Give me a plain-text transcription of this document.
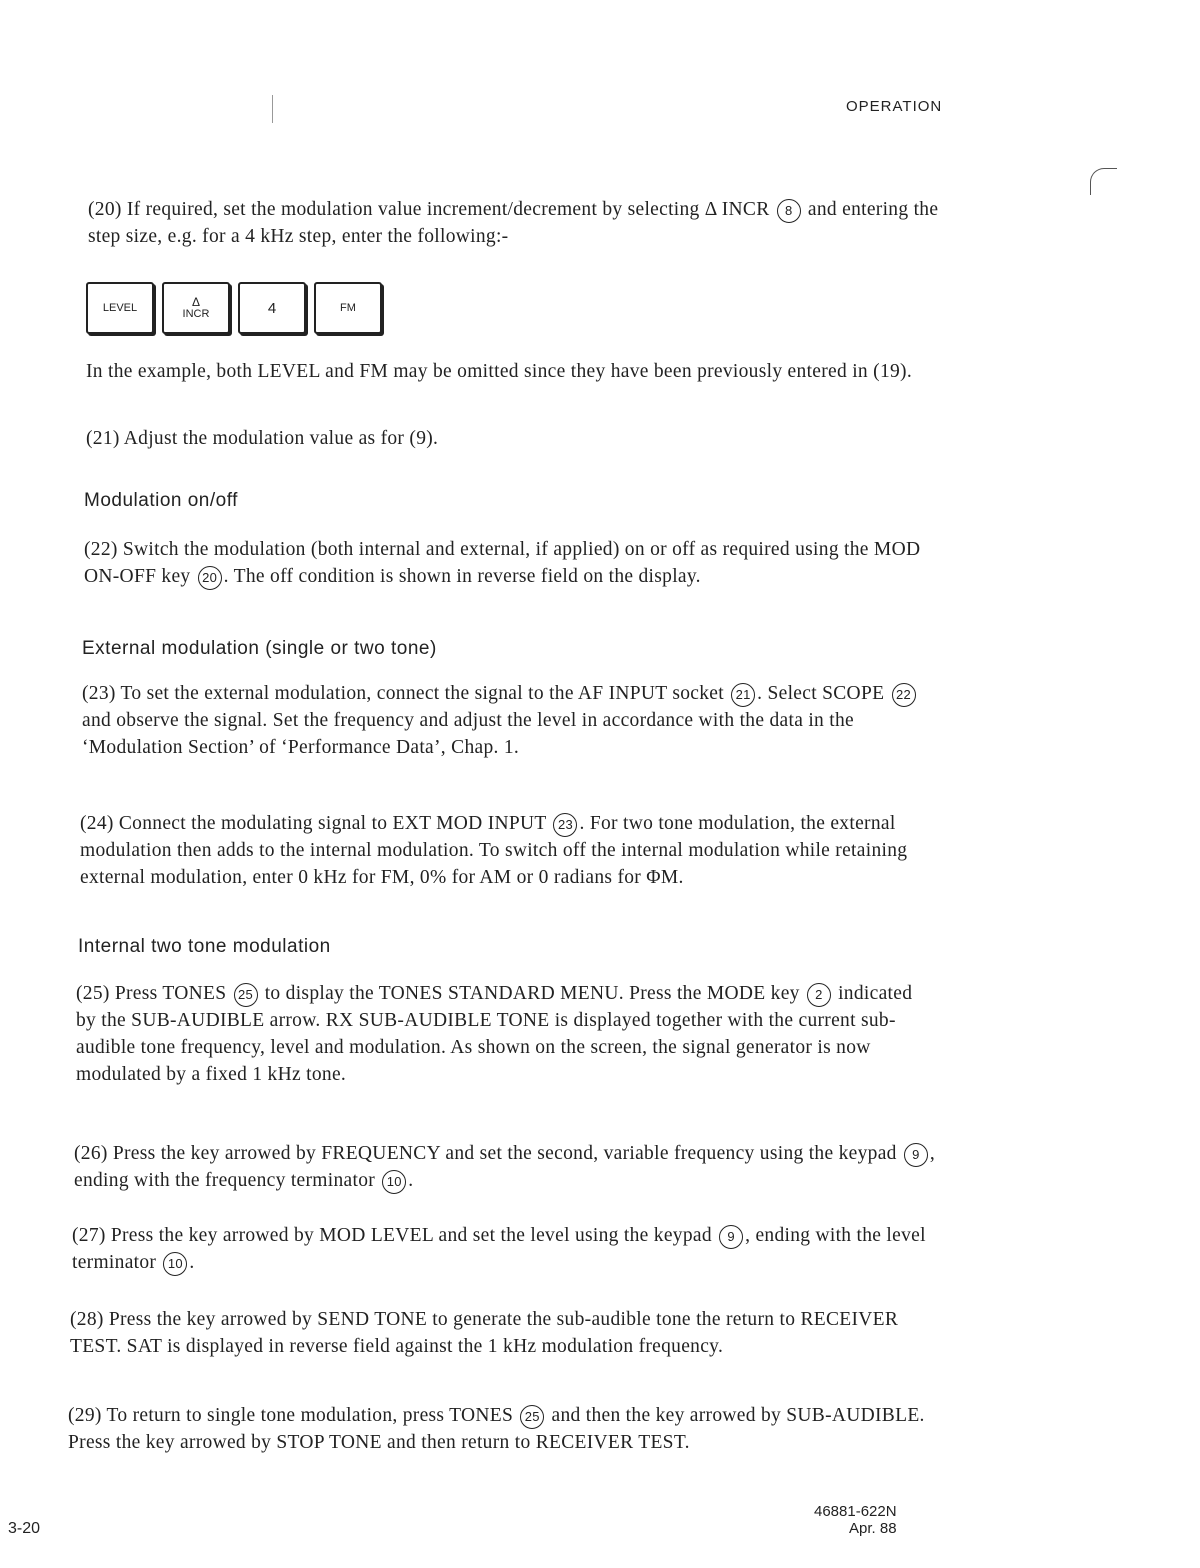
OPERATION

(20) If required, set the modulation value increment/decrement by selecting Δ INCR 8 and entering the step size, e.g. for a 4 kHz step, enter the following:-

LEVEL	Δ
INCR	4	FM

In the example, both LEVEL and FM may be omitted since they have been previously entered in (19).

(21) Adjust the modulation value as for (9).

Modulation on/off

(22) Switch the modulation (both internal and external, if applied) on or off as required using the MOD ON-OFF key 20 . The off condition is shown in reverse field on the display.

External modulation (single or two tone)

(23) To set the external modulation, connect the signal to the AF INPUT socket 21 . Select SCOPE 22 and observe the signal. Set the frequency and adjust the level in accordance with the data in the ‘Modulation Section’ of ‘Performance Data’, Chap. 1.

(24) Connect the modulating signal to EXT MOD INPUT 23 . For two tone modulation, the external modulation then adds to the internal modulation. To switch off the internal modulation while retaining external modulation, enter 0 kHz for FM, 0% for AM or 0 radians for ΦM.

Internal two tone modulation

(25) Press TONES 25 to display the TONES STANDARD MENU. Press the MODE key 2 indicated by the SUB-AUDIBLE arrow. RX SUB-AUDIBLE TONE is displayed together with the current sub-audible tone frequency, level and modulation. As shown on the screen, the signal generator is now modulated by a fixed 1 kHz tone.

(26) Press the key arrowed by FREQUENCY and set the second, variable frequency using the keypad 9 , ending with the frequency terminator 10 .

(27) Press the key arrowed by MOD LEVEL and set the level using the keypad 9 , ending with the level terminator 10 .

(28) Press the key arrowed by SEND TONE to generate the sub-audible tone the return to RECEIVER TEST. SAT is displayed in reverse field against the 1 kHz modulation frequency.

(29) To return to single tone modulation, press TONES 25 and then the key arrowed by SUB-AUDIBLE. Press the key arrowed by STOP TONE and then return to RECEIVER TEST.

3-20
46881-622N
Apr. 88
